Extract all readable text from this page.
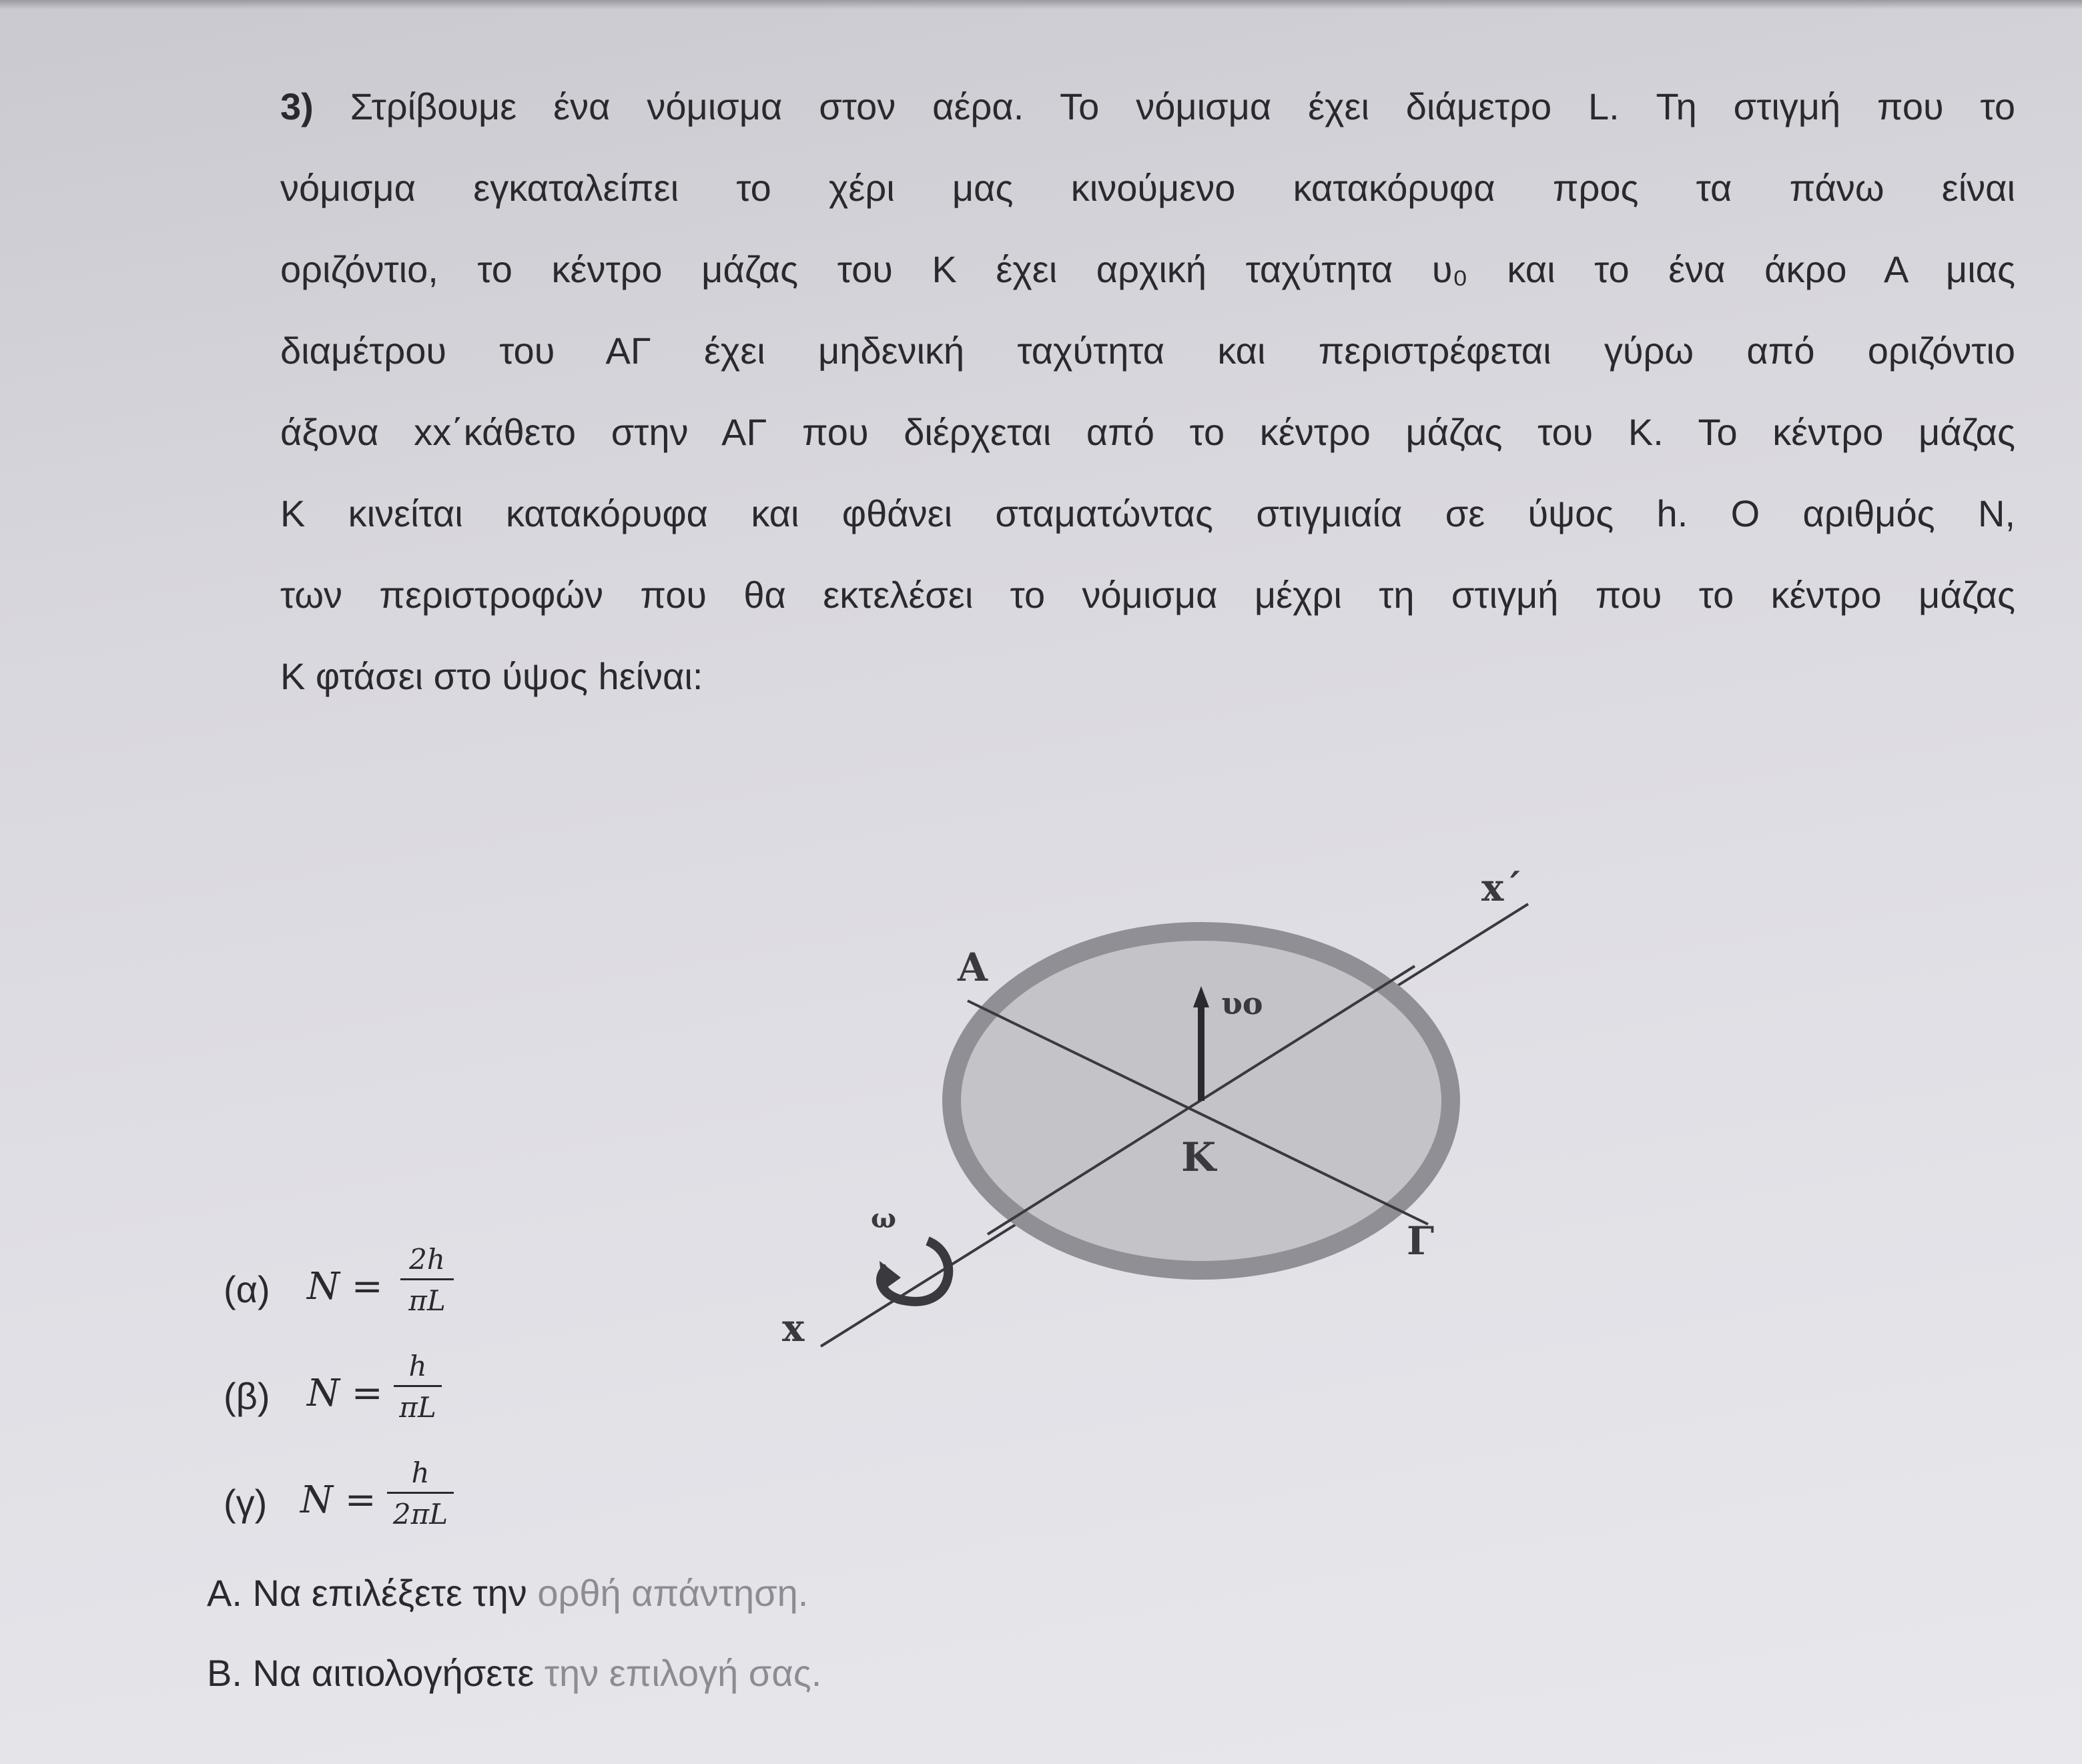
3) Στρίβουμε ένα νόμισμα στον αέρα. Το νόμισμα έχει διάμετρο L. Τη στιγμή που το
νόμισμα εγκαταλείπει το χέρι μας κινούμενο κατακόρυφα προς τα πάνω είναι
οριζόντιο, το κέντρο μάζας του Κ έχει αρχική ταχύτητα υ₀ και το ένα άκρο Α μιας
διαμέτρου του ΑΓ έχει μηδενική ταχύτητα και περιστρέφεται γύρω από οριζόντιο
άξονα xx΄κάθετο στην ΑΓ που διέρχεται από το κέντρο μάζας του Κ. Το κέντρο μάζας
Κ κινείται κατακόρυφα και φθάνει σταματώντας στιγμιαία σε ύψος h. Ο αριθμός N,
των περιστροφών που θα εκτελέσει το νόμισμα μέχρι τη στιγμή που το κέντρο μάζας
Κ φτάσει στο ύψος hείναι:
A
K
Γ
x
x΄
υo
ω
(α) N =
2h
πL
(β) N =
h
πL
(γ) N =
h
2πL
Α. Να επιλέξετε την ορθή απάντηση.
Β. Να αιτιολογήσετε την επιλογή σας.
